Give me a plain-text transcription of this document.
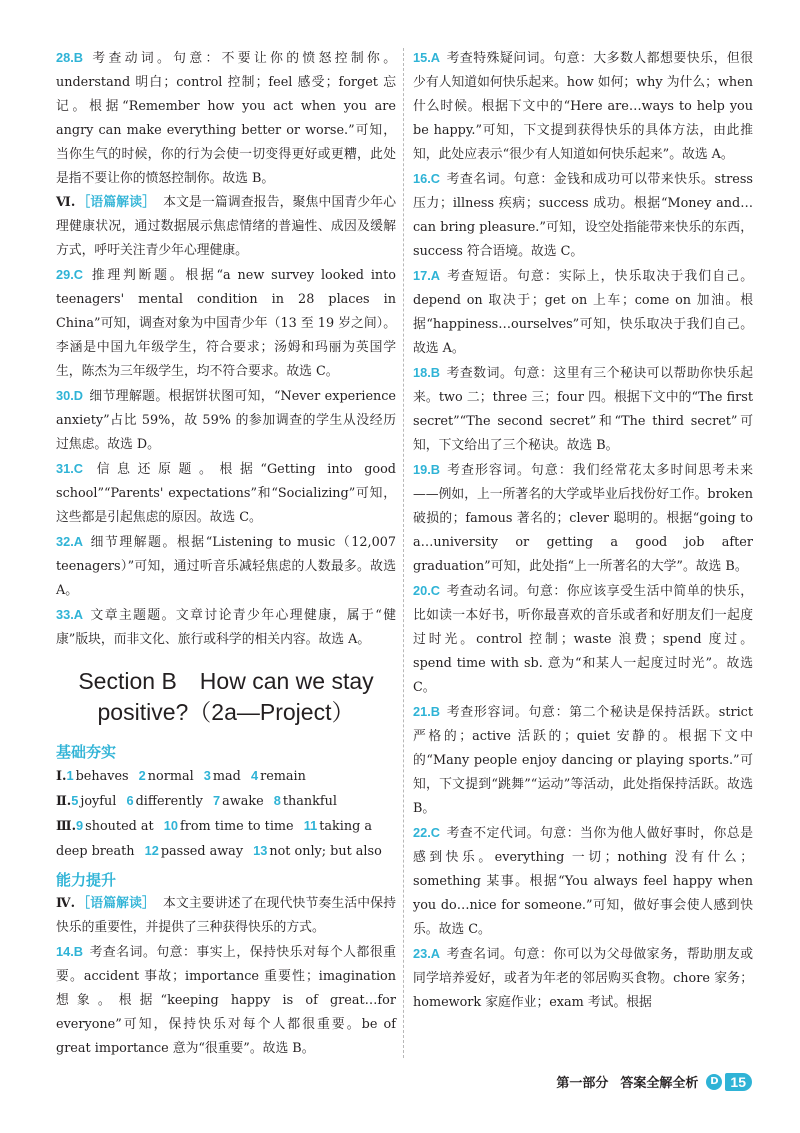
28.B 考查动词。句意：不要让你的愤怒控制你。understand 明白；control 控制；feel 感受；forget 忘记。根据“Remember how you act when you are angry can make everything better or worse.”可知，当你生气的时候，你的行为会使一切变得更好或更糟，此处是指不要让你的愤怒控制你。故选 B。

Ⅵ. ［语篇解读］ 本文是一篇调查报告，聚焦中国青少年心理健康状况，通过数据展示焦虑情绪的普遍性、成因及缓解方式，呼吁关注青少年心理健康。

29.C 推理判断题。根据“a new survey looked into teenagers' mental condition in 28 places in China”可知，调查对象为中国青少年（13 至 19 岁之间）。李涵是中国九年级学生，符合要求；汤姆和玛丽为英国学生，陈杰为三年级学生，均不符合要求。故选 C。

30.D 细节理解题。根据饼状图可知，“Never experience anxiety”占比 59%，故 59% 的参加调查的学生从没经历过焦虑。故选 D。

31.C 信息还原题。根据“Getting into good school”“Parents' expectations”和“Socializing”可知，这些都是引起焦虑的原因。故选 C。

32.A 细节理解题。根据“Listening to music（12,007 teenagers）”可知，通过听音乐减轻焦虑的人数最多。故选 A。

33.A 文章主题题。文章讨论青少年心理健康，属于“健康”版块，而非文化、旅行或科学的相关内容。故选 A。

Section B　How can we stay
positive?（2a—Project）
基础夯实

Ⅰ.1 behaves 2 normal 3 mad 4 remain

Ⅱ.5 joyful 6 differently 7 awake 8 thankful

Ⅲ.9 shouted at 10 from time to time 11 taking a deep breath 12 passed away 13 not only; but also

能力提升

Ⅳ. ［语篇解读］ 本文主要讲述了在现代快节奏生活中保持快乐的重要性，并提供了三种获得快乐的方式。

14.B 考查名词。句意：事实上，保持快乐对每个人都很重要。accident 事故；importance 重要性；imagination 想象。根据“keeping happy is of great…for everyone”可知，保持快乐对每个人都很重要。be of great importance 意为“很重要”。故选 B。

15.A 考查特殊疑问词。句意：大多数人都想要快乐，但很少有人知道如何快乐起来。how 如何；why 为什么；when 什么时候。根据下文中的“Here are…ways to help you be happy.”可知，下文提到获得快乐的具体方法，由此推知，此处应表示“很少有人知道如何快乐起来”。故选 A。

16.C 考查名词。句意：金钱和成功可以带来快乐。stress 压力；illness 疾病；success 成功。根据“Money and…can bring pleasure.”可知，设空处指能带来快乐的东西，success 符合语境。故选 C。

17.A 考查短语。句意：实际上，快乐取决于我们自己。depend on 取决于；get on 上车；come on 加油。根据“happiness…ourselves”可知，快乐取决于我们自己。故选 A。

18.B 考查数词。句意：这里有三个秘诀可以帮助你快乐起来。two 二；three 三；four 四。根据下文中的“The first secret”“The second secret”和“The third secret”可知，下文给出了三个秘诀。故选 B。

19.B 考查形容词。句意：我们经常花太多时间思考未来——例如，上一所著名的大学或毕业后找份好工作。broken 破损的；famous 著名的；clever 聪明的。根据“going to a…university or getting a good job after graduation”可知，此处指“上一所著名的大学”。故选 B。

20.C 考查动名词。句意：你应该享受生活中简单的快乐，比如读一本好书，听你最喜欢的音乐或者和好朋友们一起度过时光。control 控制；waste 浪费；spend 度过。spend time with sb. 意为“和某人一起度过时光”。故选 C。

21.B 考查形容词。句意：第二个秘诀是保持活跃。strict 严格的；active 活跃的；quiet 安静的。根据下文中的“Many people enjoy dancing or playing sports.”可知，下文提到“跳舞”“运动”等活动，此处指保持活跃。故选 B。

22.C 考查不定代词。句意：当你为他人做好事时，你总是感到快乐。everything 一切；nothing 没有什么；something 某事。根据“You always feel happy when you do…nice for someone.”可知，做好事会使人感到快乐。故选 C。

23.A 考查名词。句意：你可以为父母做家务，帮助朋友或同学培养爱好，或者为年老的邻居购买食物。chore 家务；homework 家庭作业；exam 考试。根据

第一部分 答案全解全析	D 15
